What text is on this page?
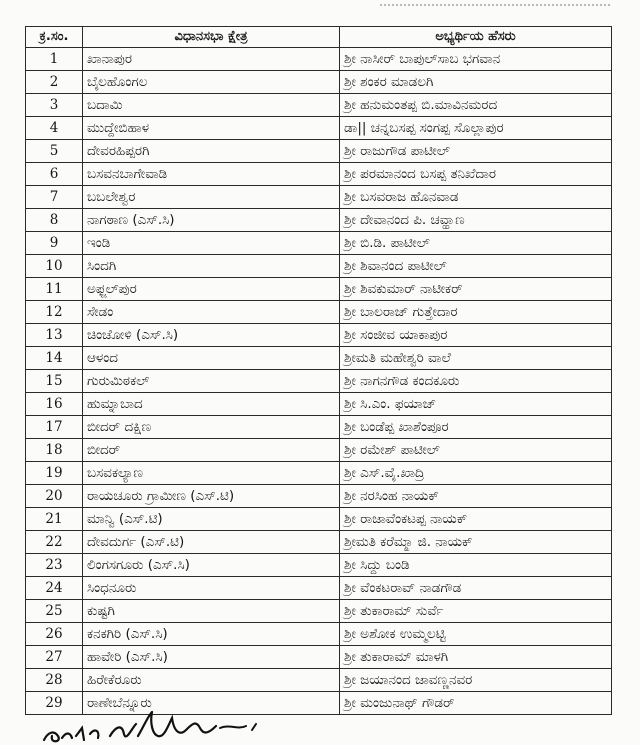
ಕ್ರ.ಸಂ.	ವಿಧಾನಸಭಾ ಕ್ಷೇತ್ರ	ಅಭ್ಯರ್ಥಿಯ ಹೆಸರು
1	ಖಾನಾಪುರ	ಶ್ರೀ ನಾಸೀರ್ ಬಾಪುಲ್‌ಸಾಬ ಭಗವಾನ
2	ಬೈಲಹೊಂಗಲ	ಶ್ರೀ ಶಂಕರ ಮಾಡಲಗಿ
3	ಬದಾಮಿ	ಶ್ರೀ ಹನುಮಂತಪ್ಪ ಬಿ.ಮಾವಿನಮರದ
4	ಮುದ್ದೇಬಿಹಾಳ	ಡಾ|| ಚನ್ನಬಸಪ್ಪ ಸಂಗಪ್ಪ ಸೊಲ್ಲಾಪುರ
5	ದೇವರಹಿಪ್ಪರಗಿ	ಶ್ರೀ ರಾಜುಗೌಡ ಪಾಟೀಲ್
6	ಬಸವನಬಾಗೇವಾಡಿ	ಶ್ರೀ ಪರಮಾನಂದ ಬಸಪ್ಪ ತನಿಖೆದಾರ
7	ಬಬಲೇಶ್ವರ	ಶ್ರೀ ಬಸವರಾಜ ಹೊನವಾಡ
8	ನಾಗಠಾಣ (ಎಸ್.ಸಿ)	ಶ್ರೀ ದೇವಾನಂದ ಪಿ. ಚವ್ಹಾಣ
9	ಇಂಡಿ	ಶ್ರೀ ಬಿ.ಡಿ. ಪಾಟೀಲ್
10	ಸಿಂದಗಿ	ಶ್ರೀ ಶಿವಾನಂದ ಪಾಟೀಲ್
11	ಅಫ್ಜಲ್‌ಪುರ	ಶ್ರೀ ಶಿವಕುಮಾರ್ ನಾಟೀಕರ್
12	ಸೇಡಂ	ಶ್ರೀ ಬಾಲರಾಜ್ ಗುತ್ತೇದಾರ
13	ಚಿಂಚೋಳಿ (ಎಸ್.ಸಿ)	ಶ್ರೀ ಸಂಜೀವ ಯಾಕಾಪುರ
14	ಆಳಂದ	ಶ್ರೀಮತಿ ಮಹೇಶ್ವರಿ ವಾಲೆ
15	ಗುರುಮಿಠಕಲ್	ಶ್ರೀ ನಾಗನಗೌಡ ಕಂದಕೂರು
16	ಹುಮ್ನಾಬಾದ	ಶ್ರೀ ಸಿ.ಎಂ. ಫಯಾಜ್
17	ಬೀದರ್ ದಕ್ಷಿಣ	ಶ್ರೀ ಬಂಡೆಪ್ಪ ಖಾಶೆಂಪೂರ
18	ಬೀದರ್	ಶ್ರೀ ರಮೇಶ್ ಪಾಟೀಲ್
19	ಬಸವಕಲ್ಯಾಣ	ಶ್ರೀ ಎಸ್.ವೈ.ಖಾದ್ರಿ
20	ರಾಯಚೂರು ಗ್ರಾಮೀಣ (ಎಸ್.ಟಿ)	ಶ್ರೀ ನರಸಿಂಹ ನಾಯಕ್
21	ಮಾನ್ವಿ (ಎಸ್.ಟಿ)	ಶ್ರೀ ರಾಜಾವೆಂಕಟಪ್ಪ ನಾಯಕ್
22	ದೇವದುರ್ಗ (ಎಸ್.ಟಿ)	ಶ್ರೀಮತಿ ಕರೆಮ್ಮಾ ಜಿ. ನಾಯಕ್
23	ಲಿಂಗಸಗೂರು (ಎಸ್.ಸಿ)	ಶ್ರೀ ಸಿದ್ದು ಬಂಡಿ
24	ಸಿಂಧನೂರು	ಶ್ರೀ ವೆಂಕಟರಾವ್ ನಾಡಗೌಡ
25	ಕುಷ್ಟಗಿ	ಶ್ರೀ ತುಕಾರಾಮ್ ಸುರ್ವೆ
26	ಕನಕಗಿರಿ (ಎಸ್.ಸಿ)	ಶ್ರೀ ಅಶೋಕ ಉಮ್ಮಲಟ್ಟಿ
27	ಹಾವೇರಿ (ಎಸ್.ಸಿ)	ಶ್ರೀ ತುಕಾರಾಮ್ ಮಾಳಗಿ
28	ಹಿರೇಕೆರೂರು	ಶ್ರೀ ಜಯಾನಂದ ಜಾವಣ್ಣನವರ
29	ರಾಣೇಬೆನ್ನೂರು	ಶ್ರೀ ಮಂಜುನಾಥ್ ಗೌಡರ್
